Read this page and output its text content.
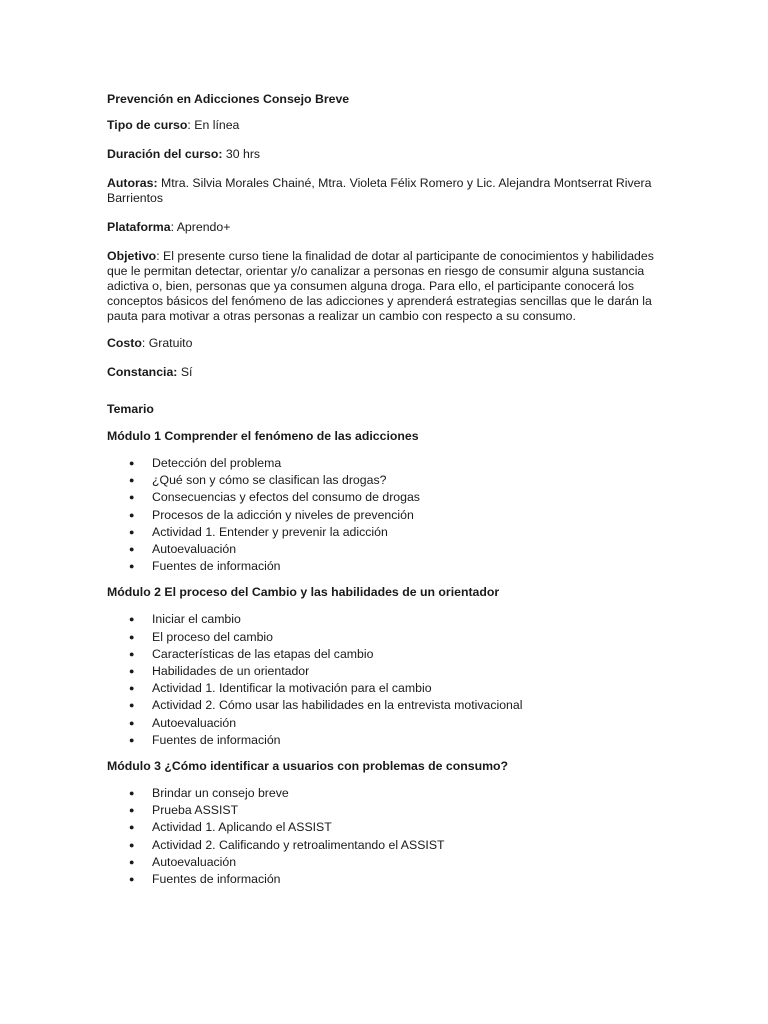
Prevención en Adicciones Consejo Breve
Tipo de curso: En línea
Duración del curso: 30 hrs
Autoras: Mtra. Silvia Morales Chainé, Mtra. Violeta Félix Romero y Lic. Alejandra Montserrat Rivera Barrientos
Plataforma: Aprendo+
Objetivo: El presente curso tiene la finalidad de dotar al participante de conocimientos y habilidades que le permitan detectar, orientar y/o canalizar a personas en riesgo de consumir alguna sustancia adictiva o, bien, personas que ya consumen alguna droga. Para ello, el participante conocerá los conceptos básicos del fenómeno de las adicciones y aprenderá estrategias sencillas que le darán la pauta para motivar a otras personas a realizar un cambio con respecto a su consumo.
Costo: Gratuito
Constancia: Sí
Temario
Módulo 1 Comprender el fenómeno de las adicciones
● Detección del problema
● ¿Qué son y cómo se clasifican las drogas?
● Consecuencias y efectos del consumo de drogas
● Procesos de la adicción y niveles de prevención
● Actividad 1. Entender y prevenir la adicción
● Autoevaluación
● Fuentes de información
Módulo 2 El proceso del Cambio y las habilidades de un orientador
● Iniciar el cambio
● El proceso del cambio
● Características de las etapas del cambio
● Habilidades de un orientador
● Actividad 1. Identificar la motivación para el cambio
● Actividad 2. Cómo usar las habilidades en la entrevista motivacional
● Autoevaluación
● Fuentes de información
Módulo 3 ¿Cómo identificar a usuarios con problemas de consumo?
● Brindar un consejo breve
● Prueba ASSIST
● Actividad 1. Aplicando el ASSIST
● Actividad 2. Calificando y retroalimentando el ASSIST
● Autoevaluación
● Fuentes de información
